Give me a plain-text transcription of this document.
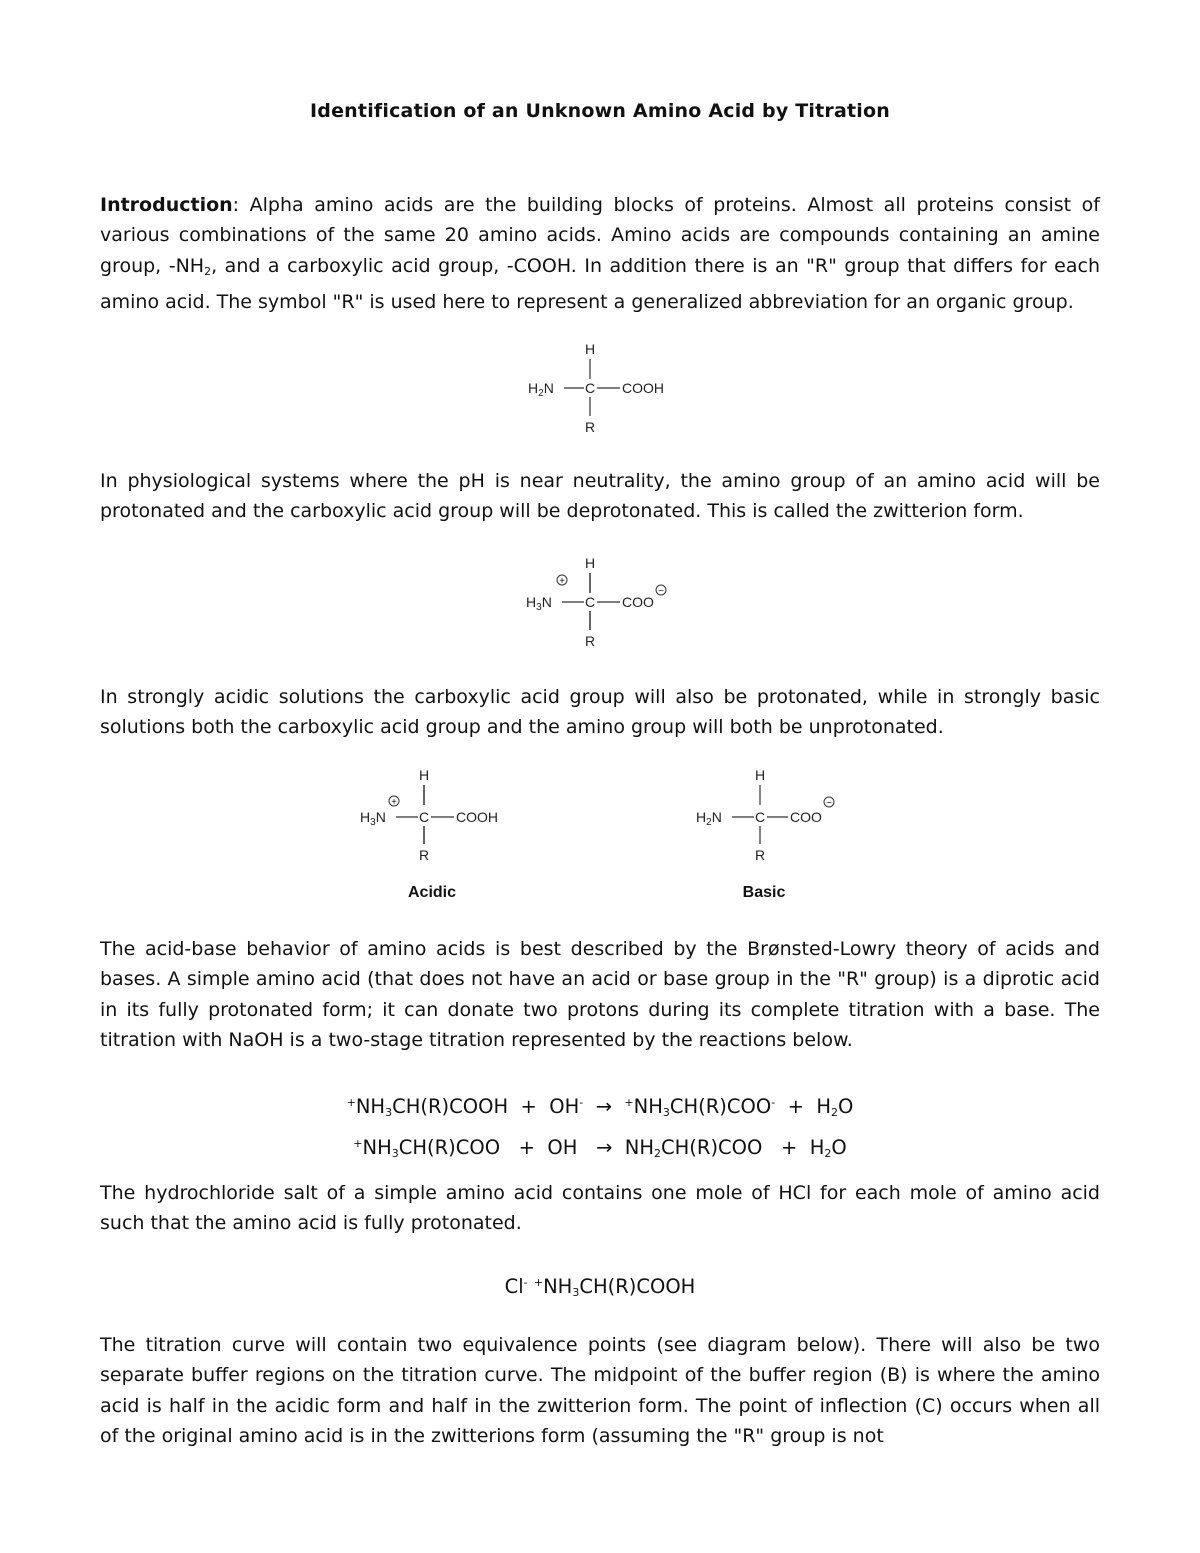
Identification of an Unknown Amino Acid by Titration

Introduction: Alpha amino acids are the building blocks of proteins. Almost all proteins consist of various combinations of the same 20 amino acids. Amino acids are compounds containing an amine group, $-NH_2$, and a carboxylic acid group, -COOH. In addition there is an "R" group that differs for each amino acid. The symbol "R" is used here to represent a generalized abbreviation for an organic group.

H
$H_2N$ C COOH
R

In physiological systems where the pH is near neutrality, the amino group of an amino acid will be protonated and the carboxylic acid group will be deprotonated. This is called the zwitterion form.

H
+
$H_3N$ C COO
−
R

In strongly acidic solutions the carboxylic acid group will also be protonated, while in strongly basic solutions both the carboxylic acid group and the amino group will both be unprotonated.

H
+
$H_3N$ C COOH
R
Acidic
H
$H_2N$ C COO
−
R
Basic

The acid-base behavior of amino acids is best described by the Brønsted-Lowry theory of acids and bases. A simple amino acid (that does not have an acid or base group in the "R" group) is a diprotic acid in its fully protonated form; it can donate two protons during its complete titration with a base. The titration with NaOH is a two-stage titration represented by the reactions below.

$^+NH_3CH(R)COOH + OH^- \to ^+NH_3CH(R)COO^- + H_2O$
$^+NH_3CH(R)COO$   +  OH   →  $NH_2CH(R)COO + H_2O$

The hydrochloride salt of a simple amino acid contains one mole of HCl for each mole of amino acid such that the amino acid is fully protonated.

Cl- $^+NH_3CH(R)COOH$

The titration curve will contain two equivalence points (see diagram below). There will also be two separate buffer regions on the titration curve. The midpoint of the buffer region (B) is where the amino acid is half in the acidic form and half in the zwitterion form. The point of inflection (C) occurs when all of the original amino acid is in the zwitterions form (assuming the "R" group is not
